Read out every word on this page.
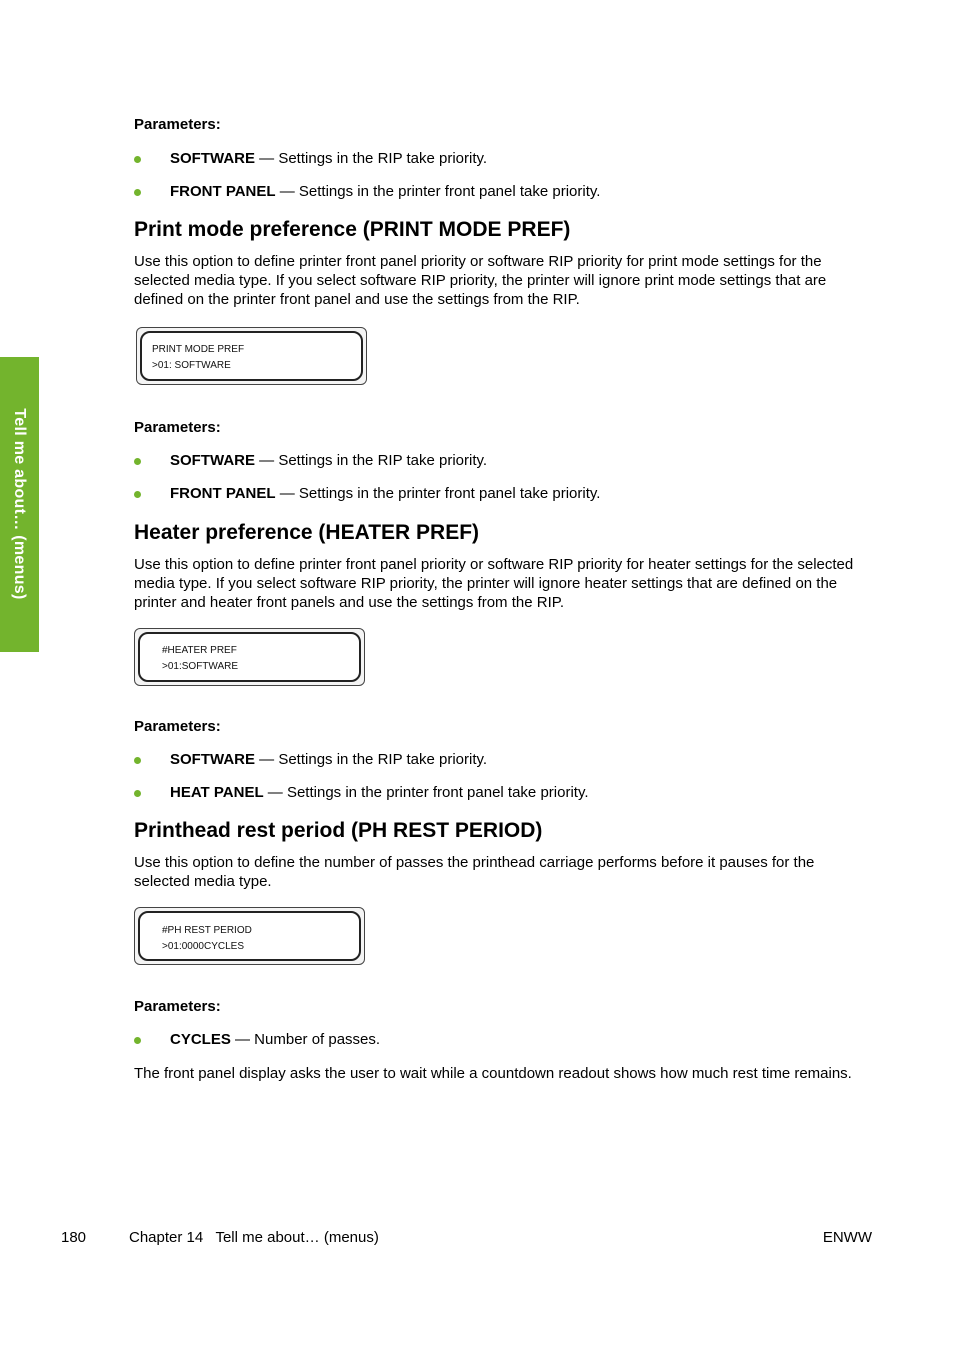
Tell me about… (menus)
Parameters:
SOFTWARE — Settings in the RIP take priority.
FRONT PANEL — Settings in the printer front panel take priority.
Print mode preference (PRINT MODE PREF)
Use this option to define printer front panel priority or software RIP priority for print mode settings for the selected media type. If you select software RIP priority, the printer will ignore print mode settings that are defined on the printer front panel and use the settings from the RIP.
PRINT MODE PREF
>01: SOFTWARE
Parameters:
SOFTWARE — Settings in the RIP take priority.
FRONT PANEL — Settings in the printer front panel take priority.
Heater preference (HEATER PREF)
Use this option to define printer front panel priority or software RIP priority for heater settings for the selected media type. If you select software RIP priority, the printer will ignore heater settings that are defined on the printer and heater front panels and use the settings from the RIP.
#HEATER PREF
>01:SOFTWARE
Parameters:
SOFTWARE — Settings in the RIP take priority.
HEAT PANEL — Settings in the printer front panel take priority.
Printhead rest period (PH REST PERIOD)
Use this option to define the number of passes the printhead carriage performs before it pauses for the selected media type.
#PH REST PERIOD
>01:0000CYCLES
Parameters:
CYCLES — Number of passes.
The front panel display asks the user to wait while a countdown readout shows how much rest time remains.
180	Chapter 14   Tell me about… (menus)	ENWW
